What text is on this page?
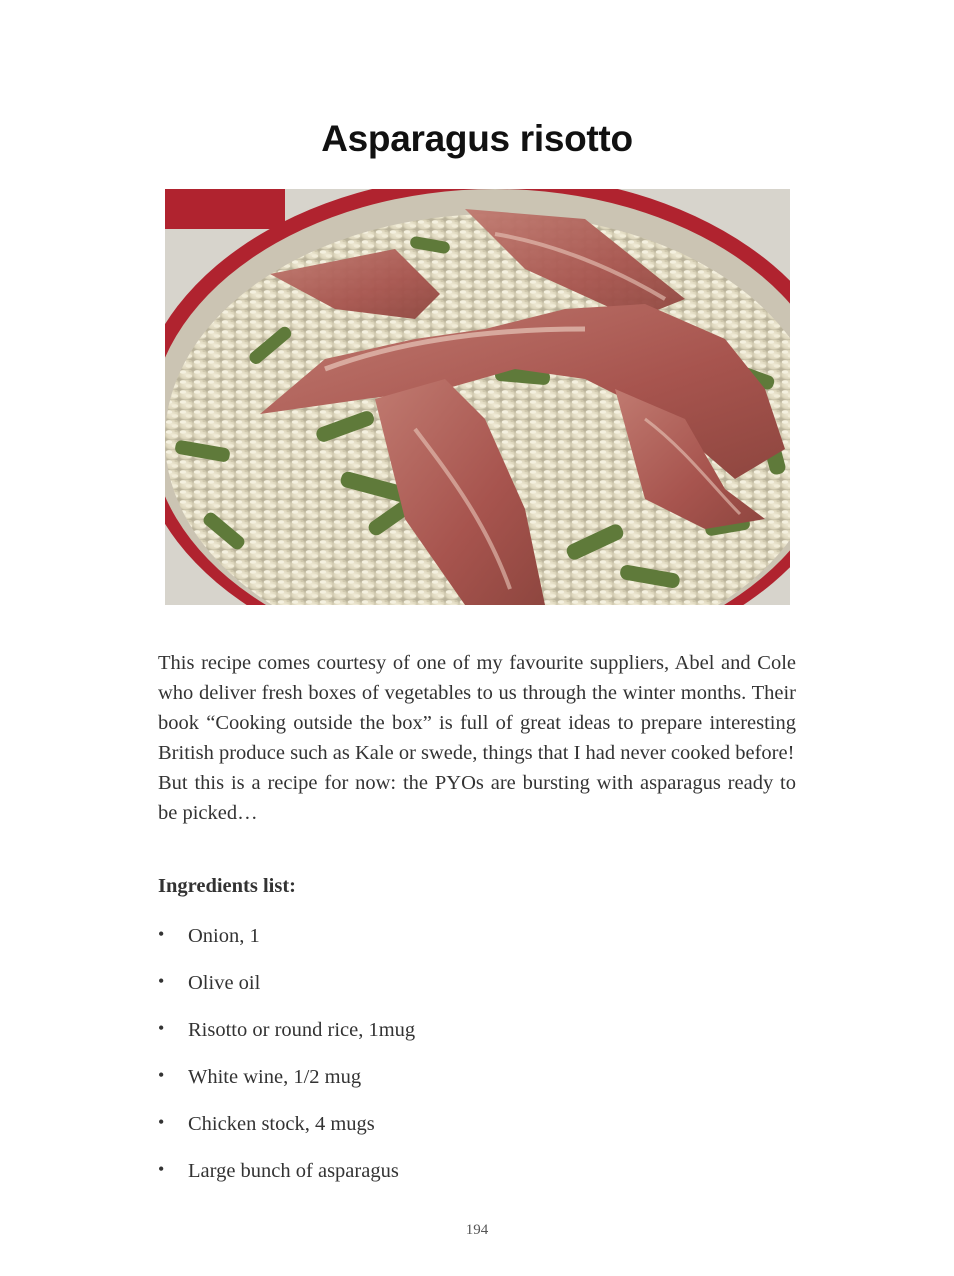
Asparagus risotto

This recipe comes courtesy of one of my favourite suppliers, Abel and Cole who deliver fresh boxes of vegetables to us through the winter months. Their book “Cooking outside the box” is full of great ideas to prepare interesting British produce such as Kale or swede, things that I had never cooked before!

But this is a recipe for now: the PYOs are bursting with asparagus ready to be picked…

Ingredients list:
• Onion, 1
• Olive oil
• Risotto or round rice, 1mug
• White wine, 1/2 mug
• Chicken stock, 4 mugs
• Large bunch of asparagus
194
